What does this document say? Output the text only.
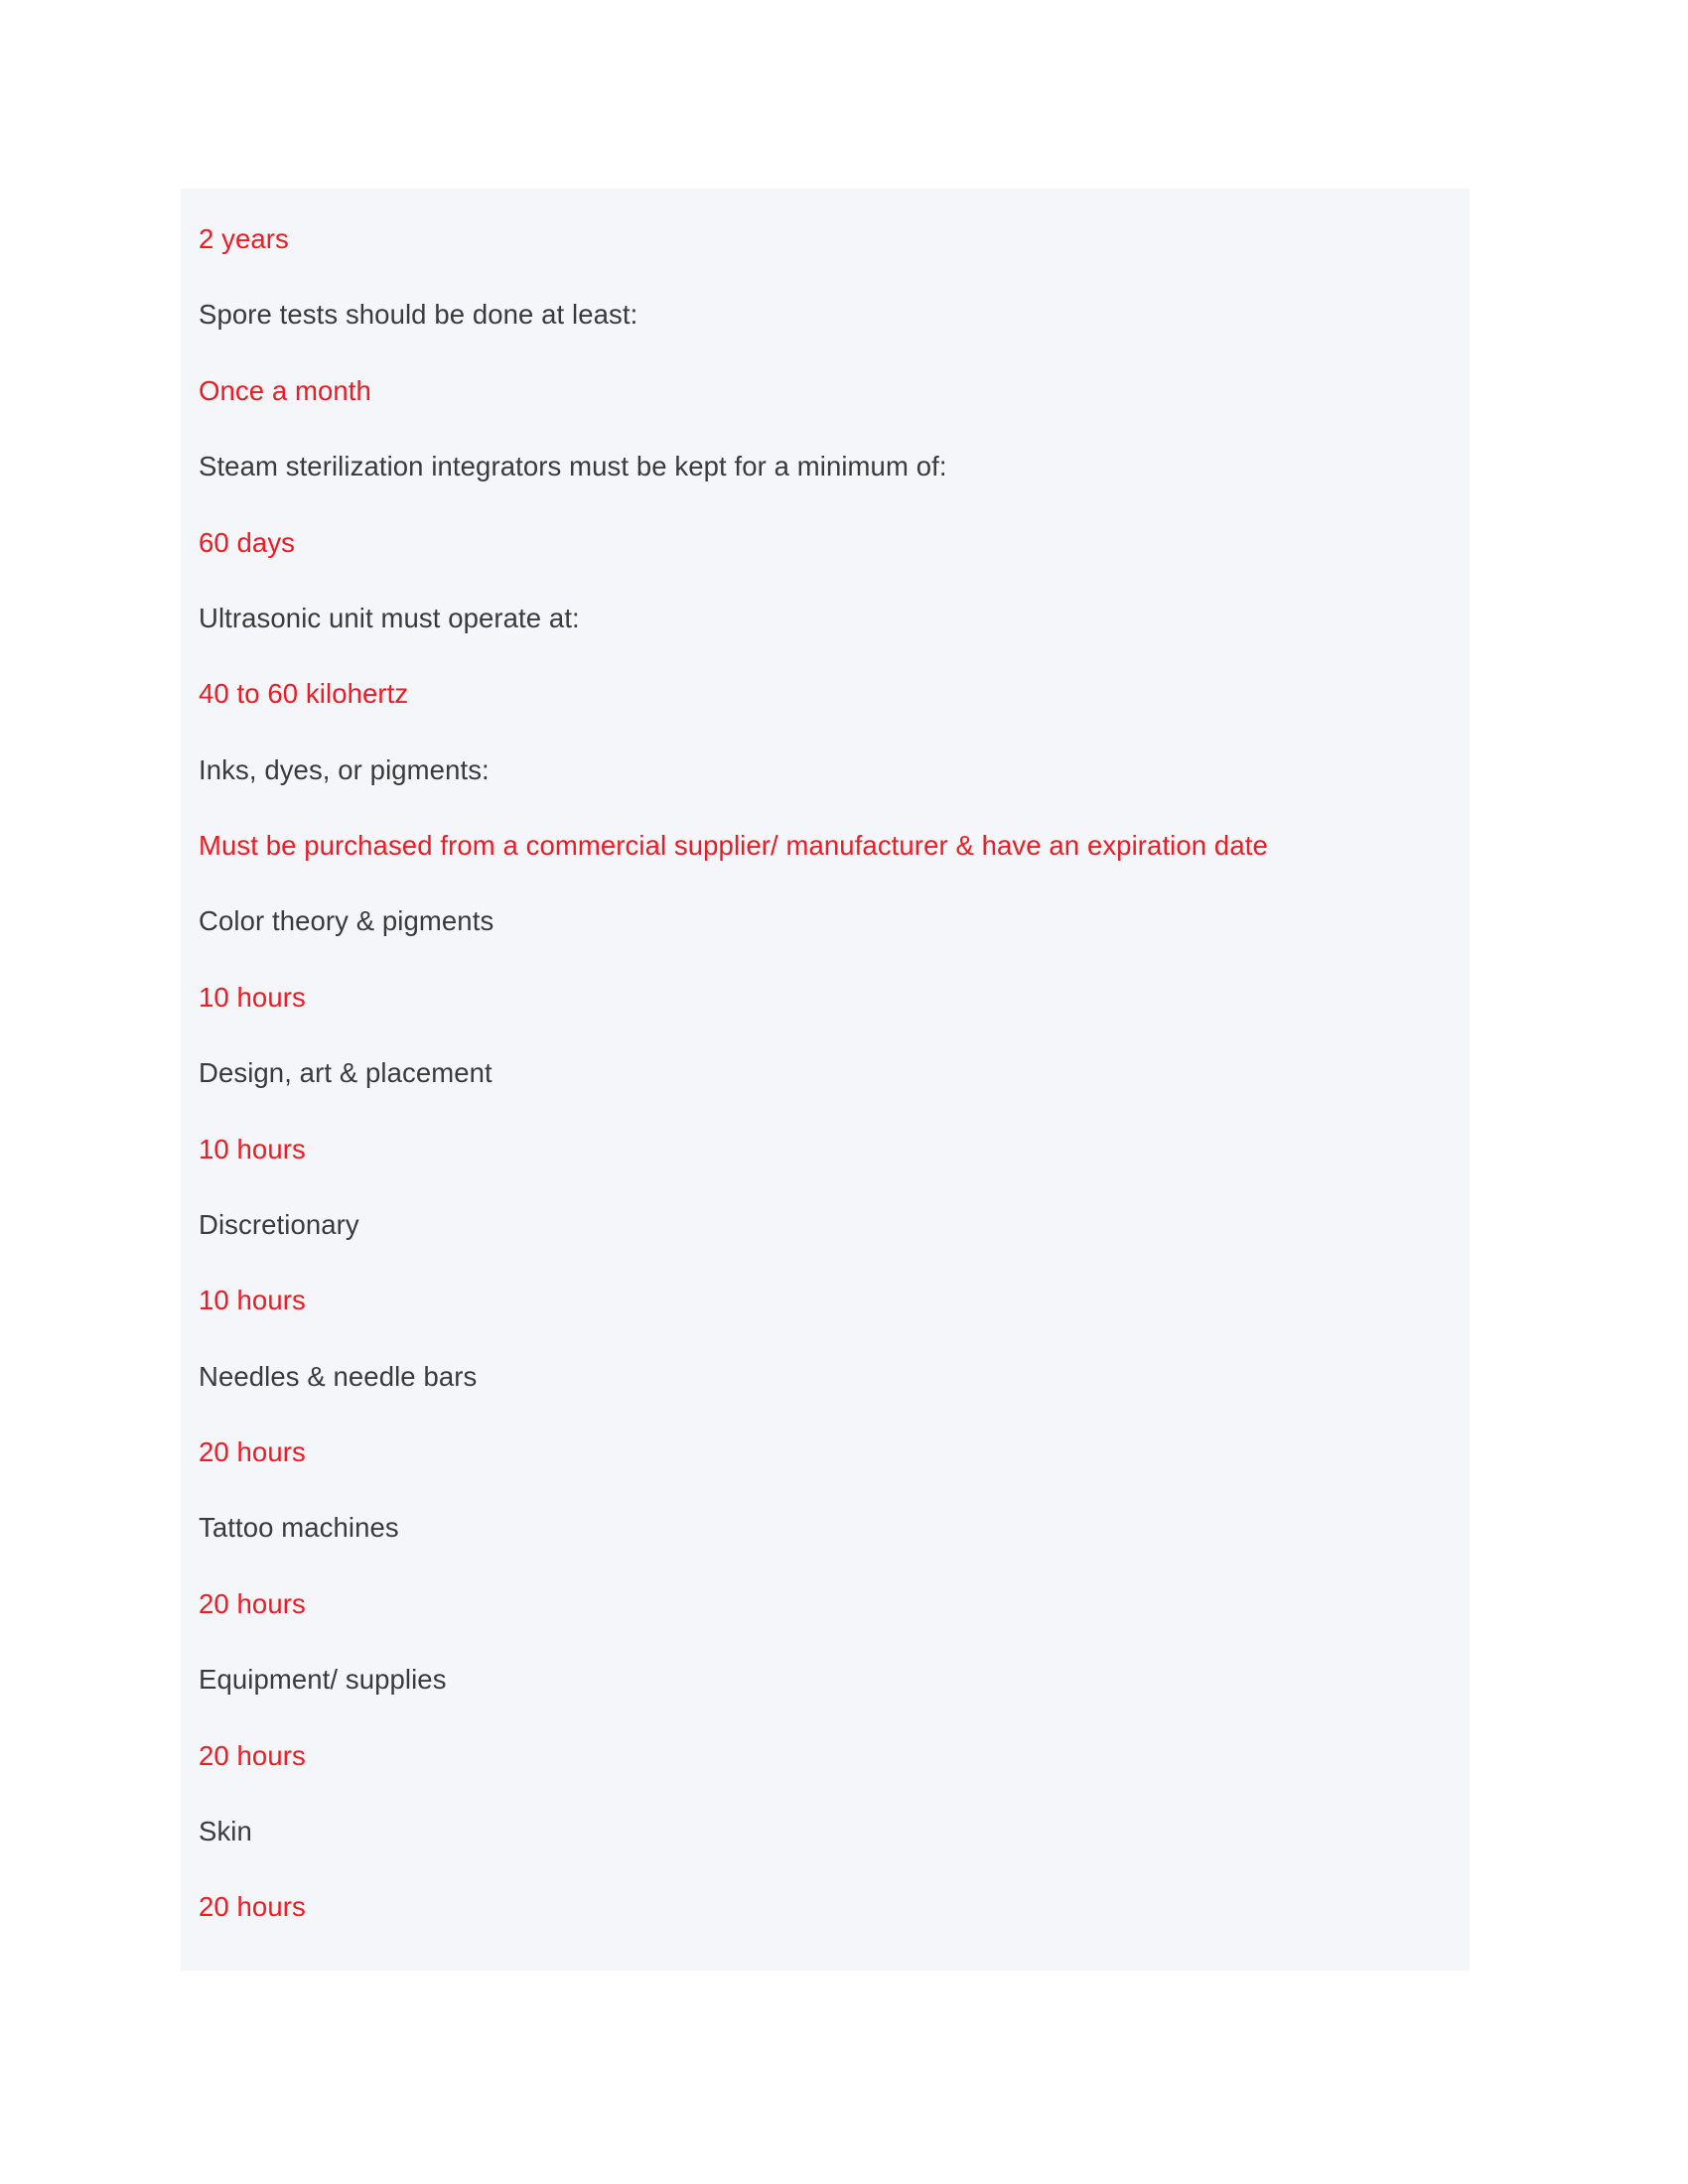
2 years

Spore tests should be done at least:

Once a month

Steam sterilization integrators must be kept for a minimum of:

60 days

Ultrasonic unit must operate at:

40 to 60 kilohertz

Inks, dyes, or pigments:

Must be purchased from a commercial supplier/ manufacturer & have an expiration date

Color theory & pigments

10 hours

Design, art & placement

10 hours

Discretionary

10 hours

Needles & needle bars

20 hours

Tattoo machines

20 hours

Equipment/ supplies

20 hours

Skin

20 hours
